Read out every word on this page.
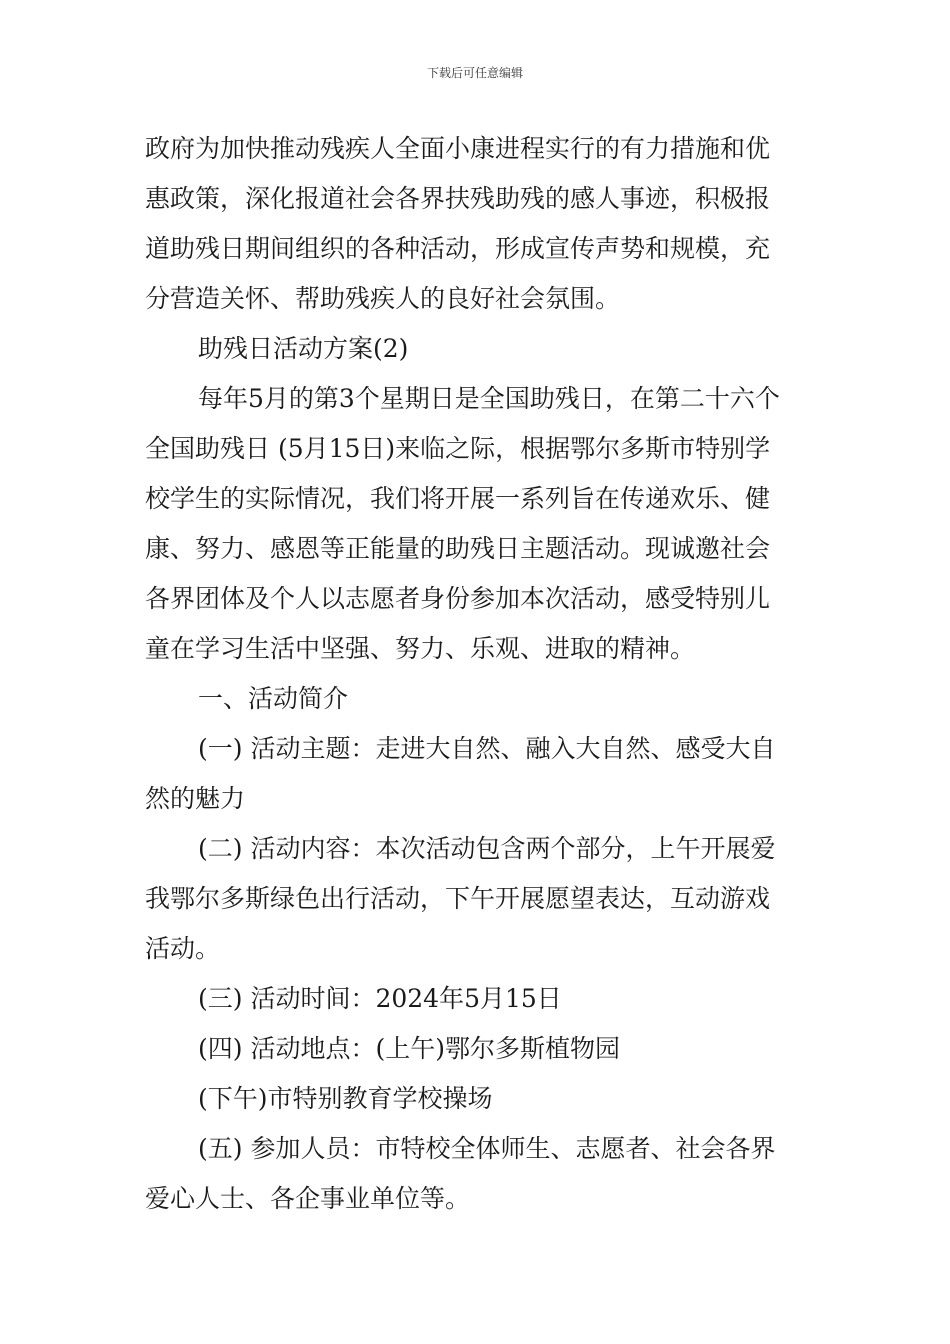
下载后可任意编辑
政府为加快推动残疾人全面小康进程实行的有力措施和优
惠政策，深化报道社会各界扶残助残的感人事迹，积极报
道助残日期间组织的各种活动，形成宣传声势和规模，充
分营造关怀、帮助残疾人的良好社会氛围。
助残日活动方案(2)
每年5月的第3个星期日是全国助残日，在第二十六个
全国助残日 (5月15日)来临之际，根据鄂尔多斯市特别学
校学生的实际情况，我们将开展一系列旨在传递欢乐、健
康、努力、感恩等正能量的助残日主题活动。现诚邀社会
各界团体及个人以志愿者身份参加本次活动，感受特别儿
童在学习生活中坚强、努力、乐观、进取的精神。
一、活动简介
(一) 活动主题：走进大自然、融入大自然、感受大自
然的魅力
(二) 活动内容：本次活动包含两个部分，上午开展爱
我鄂尔多斯绿色出行活动，下午开展愿望表达，互动游戏
活动。
(三) 活动时间：2024年5月15日
(四) 活动地点：(上午)鄂尔多斯植物园
(下午)市特别教育学校操场
(五) 参加人员：市特校全体师生、志愿者、社会各界
爱心人士、各企事业单位等。
